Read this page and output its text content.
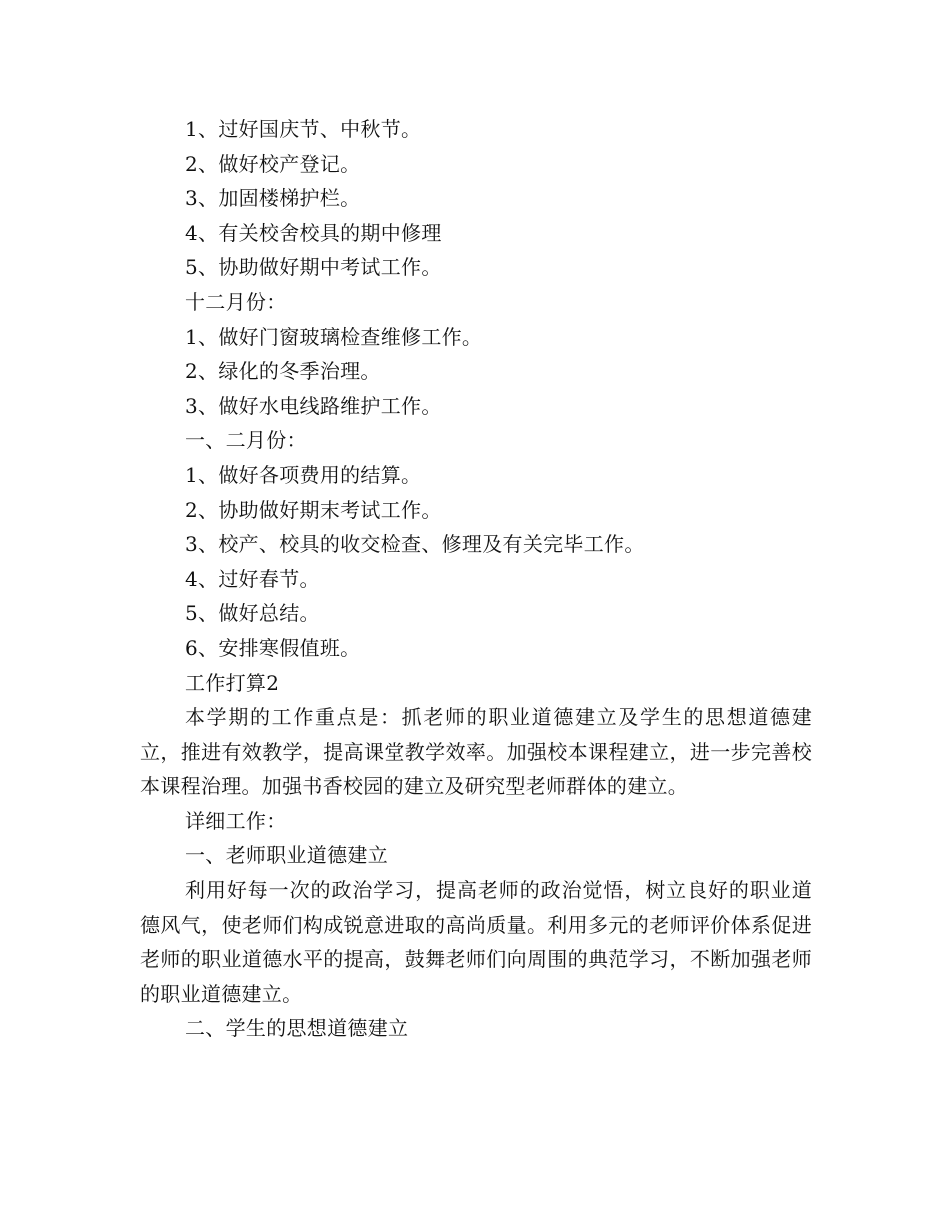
1、过好国庆节、中秋节。

2、做好校产登记。

3、加固楼梯护栏。

4、有关校舍校具的期中修理

5、协助做好期中考试工作。

十二月份：

1、做好门窗玻璃检查维修工作。

2、绿化的冬季治理。

3、做好水电线路维护工作。

一、二月份：

1、做好各项费用的结算。

2、协助做好期末考试工作。

3、校产、校具的收交检查、修理及有关完毕工作。

4、过好春节。

5、做好总结。

6、安排寒假值班。

工作打算2

本学期的工作重点是：抓老师的职业道德建立及学生的思想道德建立，推进有效教学，提高课堂教学效率。加强校本课程建立，进一步完善校本课程治理。加强书香校园的建立及研究型老师群体的建立。

详细工作：

一、老师职业道德建立

利用好每一次的政治学习，提高老师的政治觉悟，树立良好的职业道德风气，使老师们构成锐意进取的高尚质量。利用多元的老师评价体系促进老师的职业道德水平的提高，鼓舞老师们向周围的典范学习，不断加强老师的职业道德建立。

二、学生的思想道德建立
